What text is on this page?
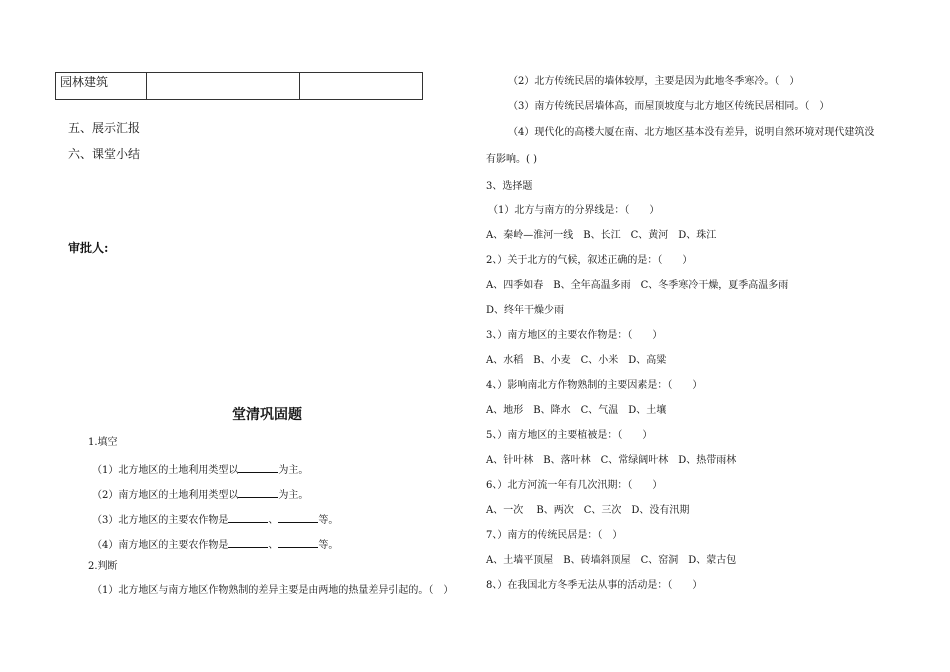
园林建筑		
五、展示汇报
六、课堂小结
审批人:
堂清巩固题
1.填空
（1）北方地区的土地利用类型以	为主。
（2）南方地区的土地利用类型以	为主。
（3）北方地区的主要农作物是	、	等。
（4）南方地区的主要农作物是	、	等。
2.判断
（1）北方地区与南方地区作物熟制的差异主要是由两地的热量差异引起的。（　）
（2）北方传统民居的墙体较厚，主要是因为此地冬季寒冷。（　）
（3）南方传统民居墙体高，而屋顶坡度与北方地区传统民居相同。（　）
（4）现代化的高楼大厦在南、北方地区基本没有差异，说明自然环境对现代建筑没
有影响。( )
3、选择题
（1）北方与南方的分界线是：（　　）
A、秦岭—淮河一线　B、长江　C、黄河　D、珠江
2、）关于北方的气候，叙述正确的是：（　　）
A、四季如春　B、全年高温多雨　C、冬季寒冷干燥，夏季高温多雨
D、终年干燥少雨
3、）南方地区的主要农作物是：（　　）
A、水稻　B、小麦　C、小米　D、高粱
4、）影响南北方作物熟制的主要因素是：（　　）
A、地形　B、降水　C、气温　D、土壤
5、）南方地区的主要植被是：（　　）
A、针叶林　B、落叶林　C、常绿阔叶林　D、热带雨林
6、）北方河流一年有几次汛期：（　　）
A、一次　 B、两次　C、三次　D、没有汛期
7、）南方的传统民居是：（　）
A、土墙平顶屋　B、砖墙斜顶屋　C、窑洞　D、蒙古包
8、）在我国北方冬季无法从事的活动是：（　　）
